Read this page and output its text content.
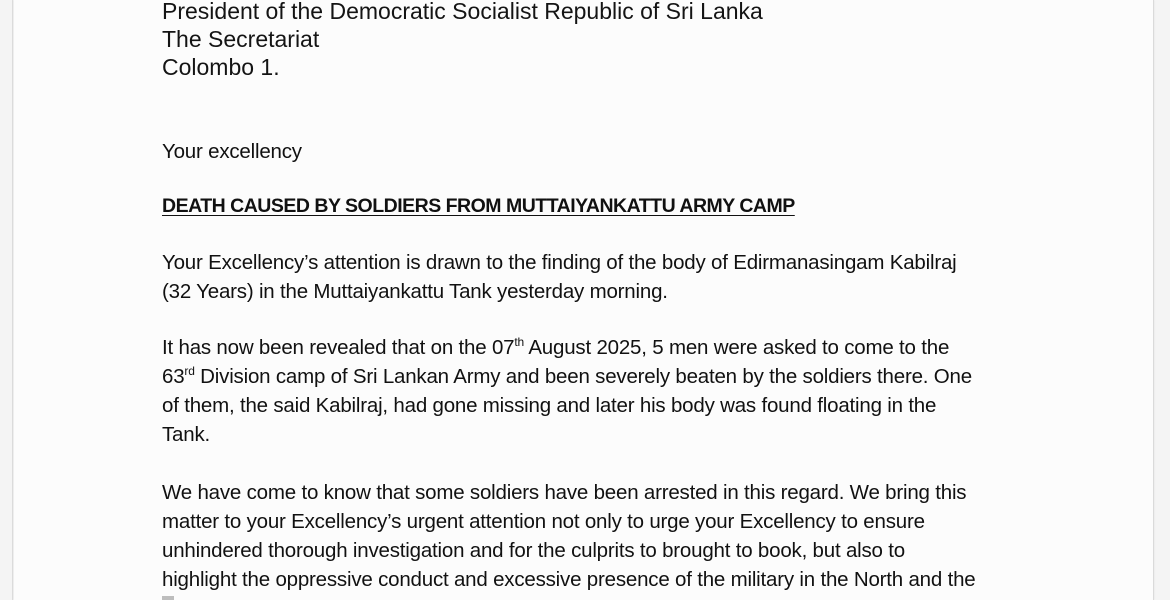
President of the Democratic Socialist Republic of Sri Lanka
The Secretariat
Colombo 1.
Your excellency
DEATH CAUSED BY SOLDIERS FROM MUTTAIYANKATTU ARMY CAMP
Your Excellency’s attention is drawn to the finding of the body of Edirmanasingam Kabilraj
(32 Years) in the Muttaiyankattu Tank yesterday morning.
It has now been revealed that on the 07th August 2025, 5 men were asked to come to the
63rd Division camp of Sri Lankan Army and been severely beaten by the soldiers there. One
of them, the said Kabilraj, had gone missing and later his body was found floating in the
Tank.
We have come to know that some soldiers have been arrested in this regard. We bring this
matter to your Excellency’s urgent attention not only to urge your Excellency to ensure
unhindered thorough investigation and for the culprits to brought to book, but also to
highlight the oppressive conduct and excessive presence of the military in the North and the
